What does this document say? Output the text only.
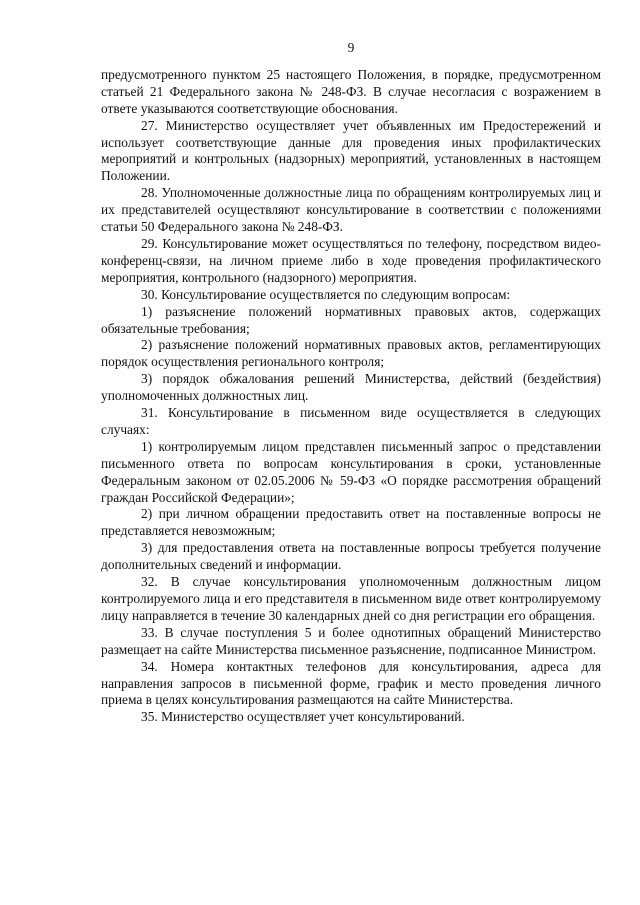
9

предусмотренного пунктом 25 настоящего Положения, в порядке, предусмотренном статьей 21 Федерального закона № 248-ФЗ. В случае несогласия с возражением в ответе указываются соответствующие обоснования.

27. Министерство осуществляет учет объявленных им Предостережений и использует соответствующие данные для проведения иных профилактических мероприятий и контрольных (надзорных) мероприятий, установленных в настоящем Положении.

28. Уполномоченные должностные лица по обращениям контролируемых лиц и их представителей осуществляют консультирование в соответствии с положениями статьи 50 Федерального закона № 248-ФЗ.

29. Консультирование может осуществляться по телефону, посредством видео-конференц-связи, на личном приеме либо в ходе проведения профилактического мероприятия, контрольного (надзорного) мероприятия.

30. Консультирование осуществляется по следующим вопросам:

1) разъяснение положений нормативных правовых актов, содержащих обязательные требования;

2) разъяснение положений нормативных правовых актов, регламентирующих порядок осуществления регионального контроля;

3) порядок обжалования решений Министерства, действий (бездействия) уполномоченных должностных лиц.

31. Консультирование в письменном виде осуществляется в следующих случаях:

1) контролируемым лицом представлен письменный запрос о представлении письменного ответа по вопросам консультирования в сроки, установленные Федеральным законом от 02.05.2006 № 59-ФЗ «О порядке рассмотрения обращений граждан Российской Федерации»;

2) при личном обращении предоставить ответ на поставленные вопросы не представляется невозможным;

3) для предоставления ответа на поставленные вопросы требуется получение дополнительных сведений и информации.

32. В случае консультирования уполномоченным должностным лицом контролируемого лица и его представителя в письменном виде ответ контролируемому лицу направляется в течение 30 календарных дней со дня регистрации его обращения.

33. В случае поступления 5 и более однотипных обращений Министерство размещает на сайте Министерства письменное разъяснение, подписанное Министром.

34. Номера контактных телефонов для консультирования, адреса для направления запросов в письменной форме, график и место проведения личного приема в целях консультирования размещаются на сайте Министерства.

35. Министерство осуществляет учет консультирований.
